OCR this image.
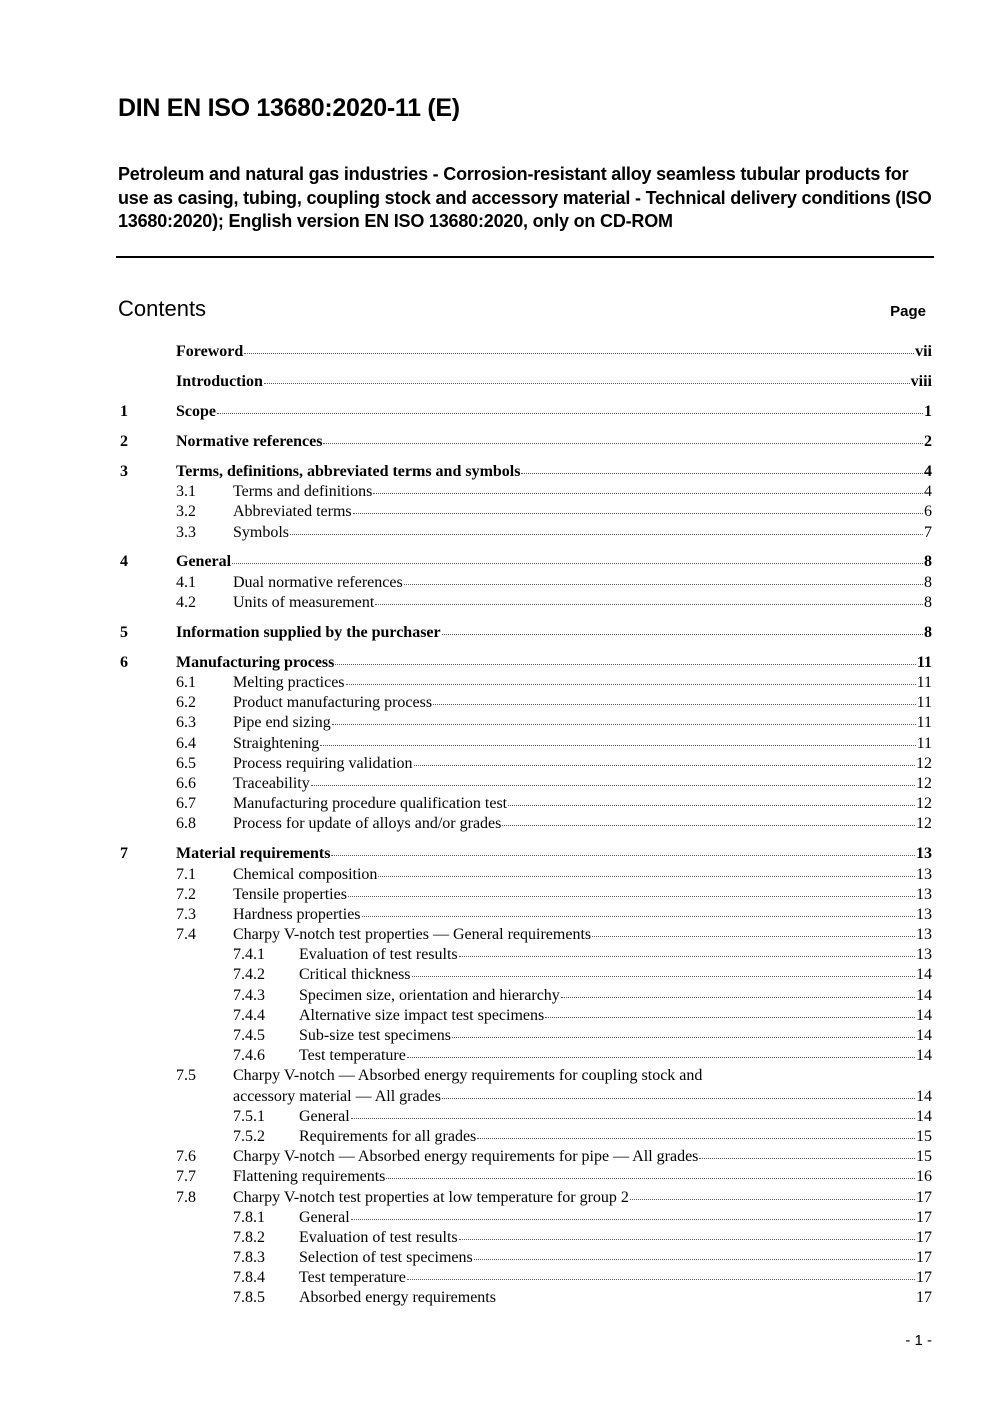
DIN EN ISO 13680:2020-11 (E)
Petroleum and natural gas industries - Corrosion-resistant alloy seamless tubular products for use as casing, tubing, coupling stock and accessory material - Technical delivery conditions (ISO 13680:2020); English version EN ISO 13680:2020, only on CD-ROM
Contents	Page
Foreword	vii
Introduction	viii
1	Scope	1
2	Normative references	2
3	Terms, definitions, abbreviated terms and symbols	4
3.1	Terms and definitions	4
3.2	Abbreviated terms	6
3.3	Symbols	7
4	General	8
4.1	Dual normative references	8
4.2	Units of measurement	8
5	Information supplied by the purchaser	8
6	Manufacturing process	11
6.1	Melting practices	11
6.2	Product manufacturing process	11
6.3	Pipe end sizing	11
6.4	Straightening	11
6.5	Process requiring validation	12
6.6	Traceability	12
6.7	Manufacturing procedure qualification test	12
6.8	Process for update of alloys and/or grades	12
7	Material requirements	13
7.1	Chemical composition	13
7.2	Tensile properties	13
7.3	Hardness properties	13
7.4	Charpy V-notch test properties — General requirements	13
7.4.1	Evaluation of test results	13
7.4.2	Critical thickness	14
7.4.3	Specimen size, orientation and hierarchy	14
7.4.4	Alternative size impact test specimens	14
7.4.5	Sub-size test specimens	14
7.4.6	Test temperature	14
7.5	Charpy V-notch — Absorbed energy requirements for coupling stock and
accessory material — All grades	14
7.5.1	General	14
7.5.2	Requirements for all grades	15
7.6	Charpy V-notch — Absorbed energy requirements for pipe — All grades	15
7.7	Flattening requirements	16
7.8	Charpy V-notch test properties at low temperature for group 2	17
7.8.1	General	17
7.8.2	Evaluation of test results	17
7.8.3	Selection of test specimens	17
7.8.4	Test temperature	17
7.8.5	Absorbed energy requirements	17
- 1 -
